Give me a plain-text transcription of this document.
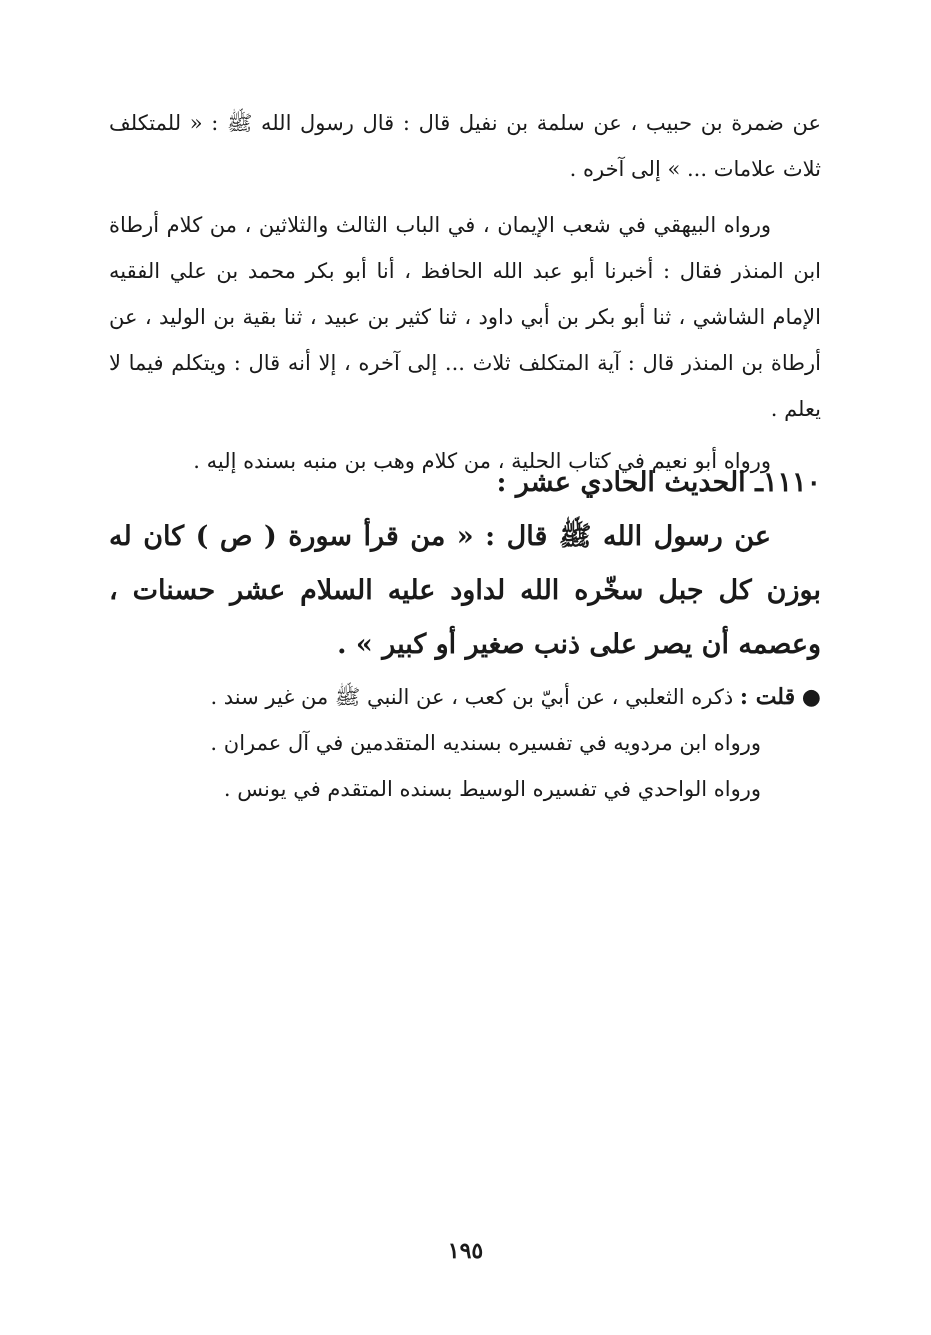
عن ضمرة بن حبيب ، عن سلمة بن نفيل قال : قال رسول الله ﷺ : « للمتكلف ثلاث علامات ... » إلى آخره .

ورواه البيهقي في شعب الإيمان ، في الباب الثالث والثلاثين ، من كلام أرطاة ابن المنذر فقال : أخبرنا أبو عبد الله الحافظ ، أنا أبو بكر محمد بن علي الفقيه الإمام الشاشي ، ثنا أبو بكر بن أبي داود ، ثنا كثير بن عبيد ، ثنا بقية بن الوليد ، عن أرطاة بن المنذر قال : آية المتكلف ثلاث ... إلى آخره ، إلا أنه قال : ويتكلم فيما لا يعلم .

ورواه أبو نعيم في كتاب الحلية ، من كلام وهب بن منبه بسنده إليه .

١١١٠ـ الحديث الحادي عشر :

عن رسول الله ﷺ قال : « من قرأ سورة ( ص ) كان له بوزن كل جبل سخّره الله لداود عليه السلام عشر حسنات ، وعصمه أن يصر على ذنب صغير أو كبير » .

● قلت : ذكره الثعلبي ، عن أبيّ بن كعب ، عن النبي ﷺ من غير سند .

ورواه ابن مردويه في تفسيره بسنديه المتقدمين في آل عمران .

ورواه الواحدي في تفسيره الوسيط بسنده المتقدم في يونس .

١٩٥
